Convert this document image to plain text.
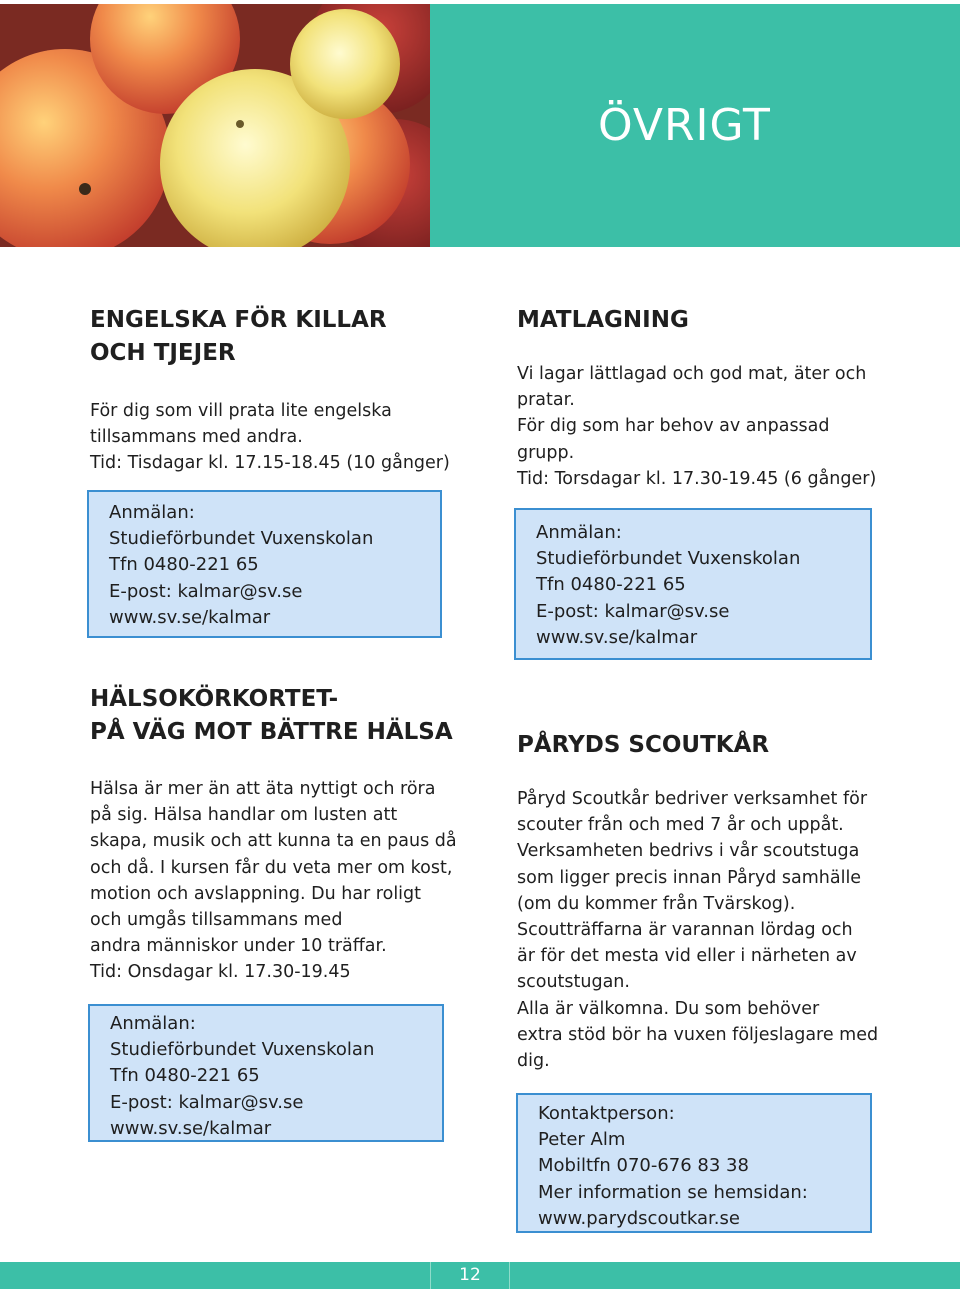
ÖVRIGT
ENGELSKA FÖR KILLAR
OCH TJEJER
För dig som vill prata lite engelska
tillsammans med andra.
Tid: Tisdagar kl. 17.15-18.45 (10 gånger)
Anmälan:
Studieförbundet Vuxenskolan
Tfn 0480-221 65
E-post: kalmar@sv.se
www.sv.se/kalmar
MATLAGNING
Vi lagar lättlagad och god mat, äter och
pratar.
För dig som har behov av anpassad
grupp.
Tid: Torsdagar kl. 17.30-19.45 (6 gånger)
Anmälan:
Studieförbundet Vuxenskolan
Tfn 0480-221 65
E-post: kalmar@sv.se
www.sv.se/kalmar
HÄLSOKÖRKORTET-
PÅ VÄG MOT BÄTTRE HÄLSA
Hälsa är mer än att äta nyttigt och röra
på sig. Hälsa handlar om lusten att
skapa, musik och att kunna ta en paus då
och då. I kursen får du veta mer om kost,
motion och avslappning. Du har roligt
och umgås tillsammans med
andra människor under 10 träffar.
Tid: Onsdagar kl. 17.30-19.45
Anmälan:
Studieförbundet Vuxenskolan
Tfn 0480-221 65
E-post: kalmar@sv.se
www.sv.se/kalmar
PÅRYDS SCOUTKÅR
Påryd Scoutkår bedriver verksamhet för
scouter från och med 7 år och uppåt.
Verksamheten bedrivs i vår scoutstuga
som ligger precis innan Påryd samhälle
(om du kommer från Tvärskog).
Scoutträffarna är varannan lördag och
är för det mesta vid eller i närheten av
scoutstugan.
Alla är välkomna. Du som behöver
extra stöd bör ha vuxen följeslagare med
dig.
Kontaktperson:
Peter Alm
Mobiltfn 070-676 83 38
Mer information se hemsidan:
www.parydscoutkar.se
12
